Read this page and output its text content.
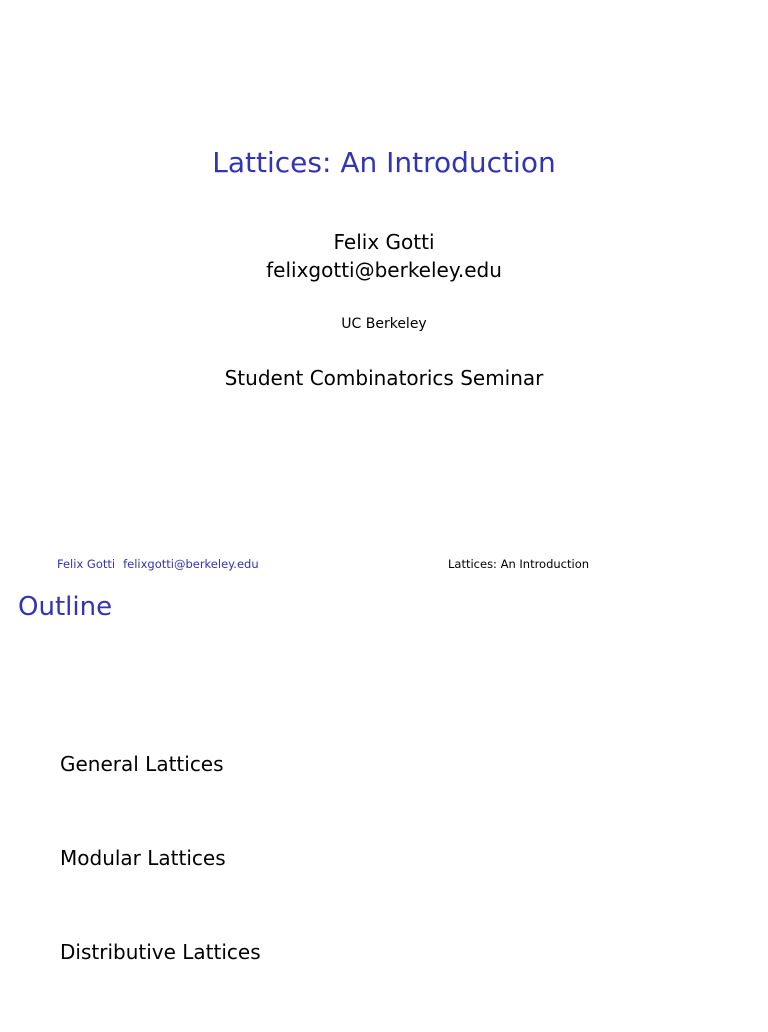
Lattices: An Introduction
Felix Gotti
felixgotti@berkeley.edu
UC Berkeley
Student Combinatorics Seminar
Felix Gotti felixgotti@berkeley.edu	Lattices: An Introduction
Outline
General Lattices
Modular Lattices
Distributive Lattices
